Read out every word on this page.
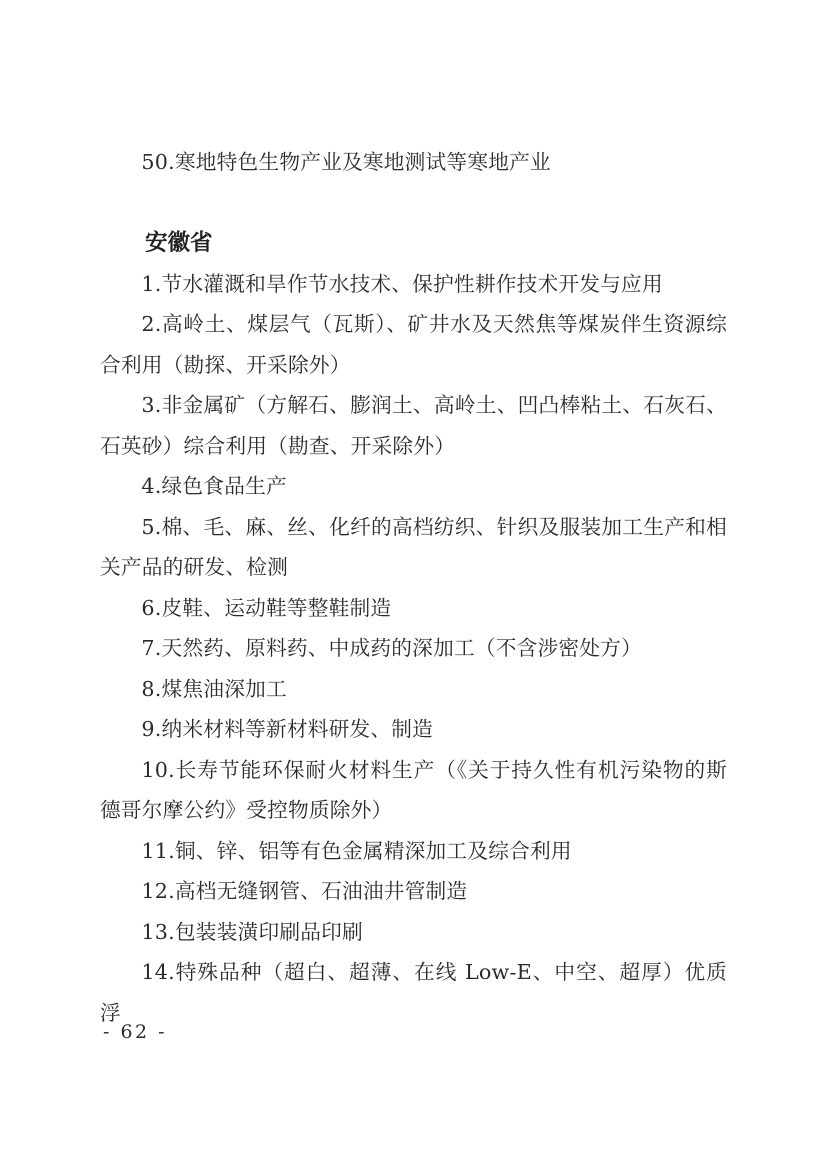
50.寒地特色生物产业及寒地测试等寒地产业

安徽省

1.节水灌溉和旱作节水技术、保护性耕作技术开发与应用

2.高岭土、煤层气（瓦斯）、矿井水及天然焦等煤炭伴生资源综合利用（勘探、开采除外）

3.非金属矿（方解石、膨润土、高岭土、凹凸棒粘土、石灰石、石英砂）综合利用（勘查、开采除外）

4.绿色食品生产

5.棉、毛、麻、丝、化纤的高档纺织、针织及服装加工生产和相关产品的研发、检测

6.皮鞋、运动鞋等整鞋制造

7.天然药、原料药、中成药的深加工（不含涉密处方）

8.煤焦油深加工

9.纳米材料等新材料研发、制造

10.长寿节能环保耐火材料生产（《关于持久性有机污染物的斯德哥尔摩公约》受控物质除外）

11.铜、锌、铝等有色金属精深加工及综合利用

12.高档无缝钢管、石油油井管制造

13.包装装潢印刷品印刷

14.特殊品种（超白、超薄、在线 Low-E、中空、超厚）优质浮

- 62 -
